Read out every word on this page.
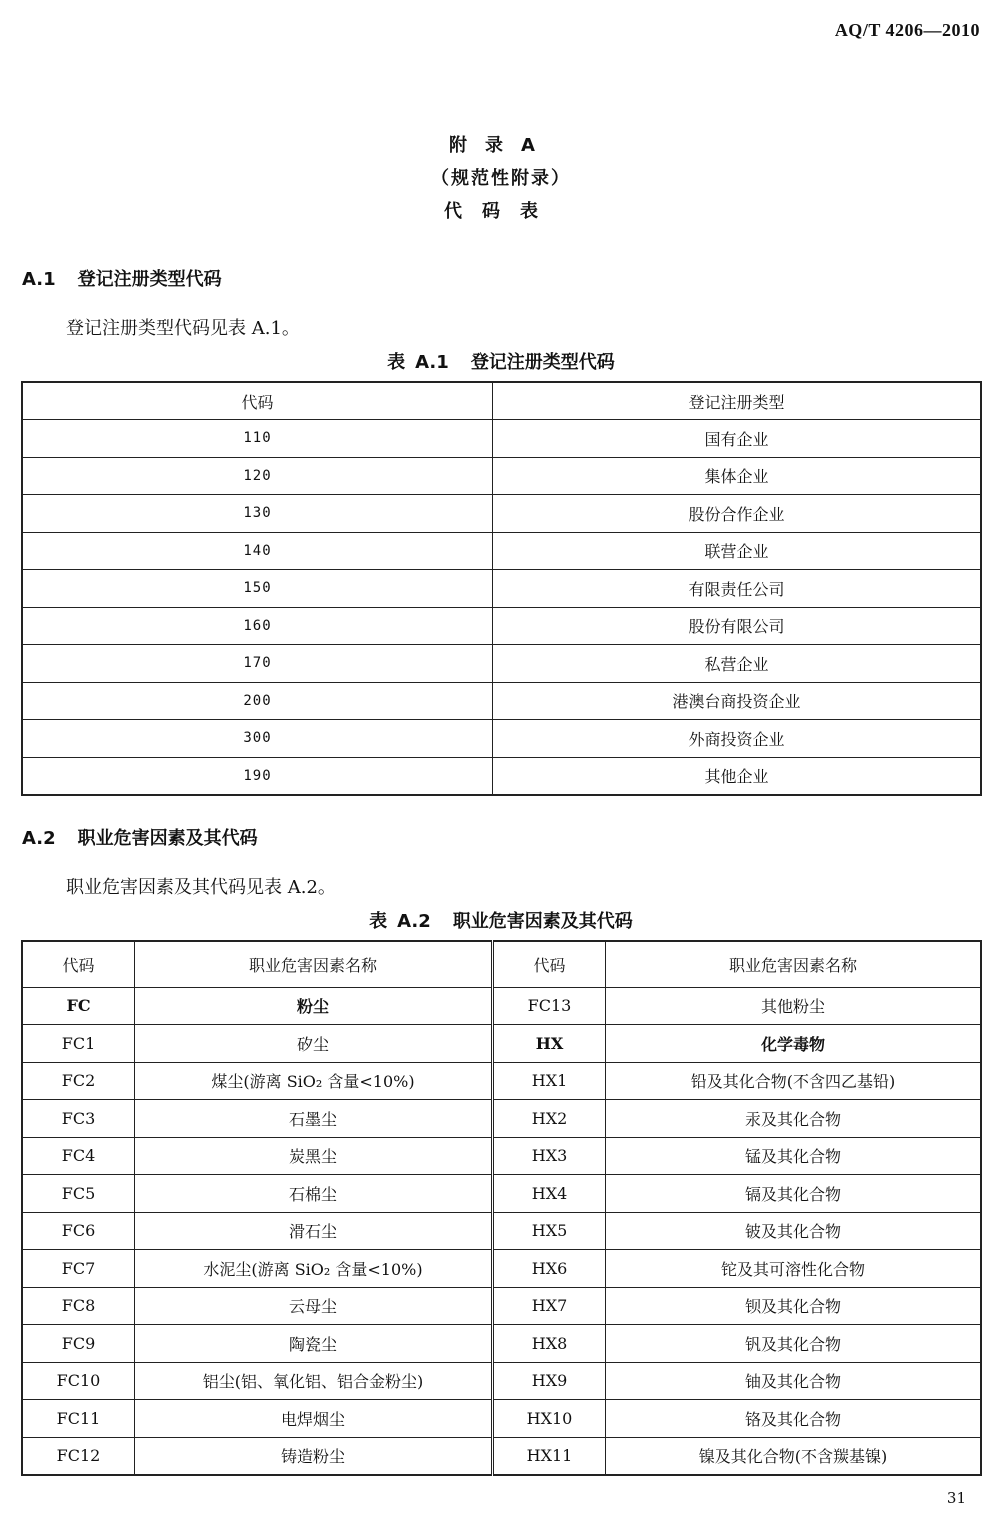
AQ/T 4206—2010
附录A
（规范性附录）
代码表
A.1 登记注册类型代码
登记注册类型代码见表 A.1。
表 A.1 登记注册类型代码
代码	登记注册类型
110	国有企业
120	集体企业
130	股份合作企业
140	联营企业
150	有限责任公司
160	股份有限公司
170	私营企业
200	港澳台商投资企业
300	外商投资企业
190	其他企业
A.2 职业危害因素及其代码
职业危害因素及其代码见表 A.2。
表 A.2 职业危害因素及其代码
代码	职业危害因素名称	代码	职业危害因素名称
FC	粉尘	FC13	其他粉尘
FC1	矽尘	HX	化学毒物
FC2	煤尘(游离 SiO₂ 含量<10%)	HX1	铅及其化合物(不含四乙基铅)
FC3	石墨尘	HX2	汞及其化合物
FC4	炭黑尘	HX3	锰及其化合物
FC5	石棉尘	HX4	镉及其化合物
FC6	滑石尘	HX5	铍及其化合物
FC7	水泥尘(游离 SiO₂ 含量<10%)	HX6	铊及其可溶性化合物
FC8	云母尘	HX7	钡及其化合物
FC9	陶瓷尘	HX8	钒及其化合物
FC10	铝尘(铝、氧化铝、铝合金粉尘)	HX9	铀及其化合物
FC11	电焊烟尘	HX10	铬及其化合物
FC12	铸造粉尘	HX11	镍及其化合物(不含羰基镍)
31
